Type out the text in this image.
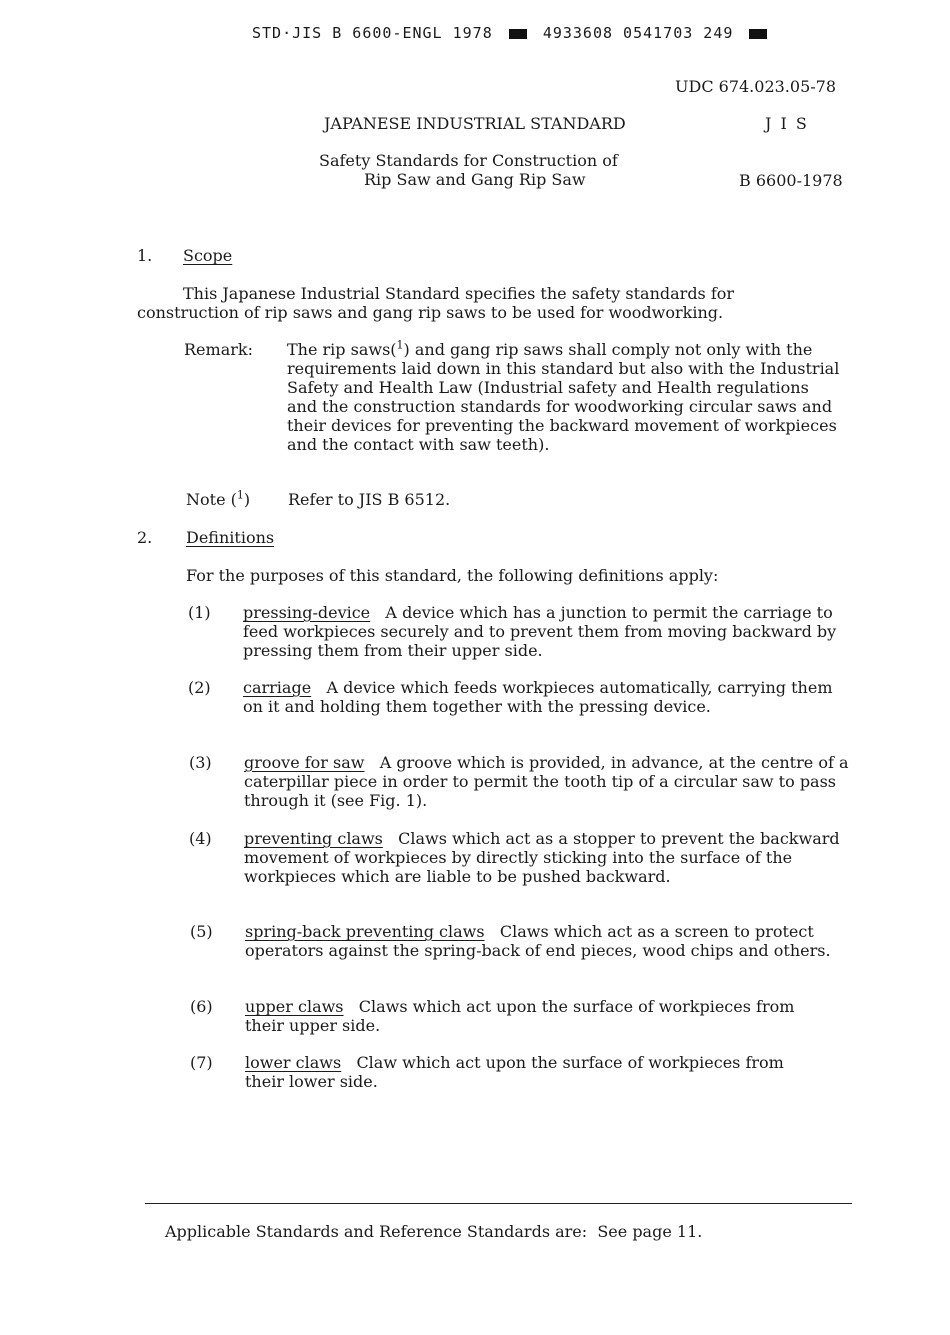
STD·JIS B 6600-ENGL 1978	4933608 0541703 249
UDC 674.023.05-78
JAPANESE INDUSTRIAL STANDARD	J I S
Safety Standards for Construction of
Rip Saw and Gang Rip Saw	B 6600-1978
1. Scope
This Japanese Industrial Standard specifies the safety standards for construction of rip saws and gang rip saws to be used for woodworking.
Remark: The rip saws($^1$) and gang rip saws shall comply not only with the requirements laid down in this standard but also with the Industrial Safety and Health Law (Industrial safety and Health regulations and the construction standards for woodworking circular saws and their devices for preventing the backward movement of workpieces and the contact with saw teeth).
Note ($^1$) Refer to JIS B 6512.
2. Definitions
For the purposes of this standard, the following definitions apply:
(1) pressing-device A device which has a junction to permit the carriage to feed workpieces securely and to prevent them from moving backward by pressing them from their upper side.
(2) carriage A device which feeds workpieces automatically, carrying them on it and holding them together with the pressing device.
(3) groove for saw A groove which is provided, in advance, at the centre of a caterpillar piece in order to permit the tooth tip of a circular saw to pass through it (see Fig. 1).
(4) preventing claws Claws which act as a stopper to prevent the backward movement of workpieces by directly sticking into the surface of the workpieces which are liable to be pushed backward.
(5) spring-back preventing claws Claws which act as a screen to protect operators against the spring-back of end pieces, wood chips and others.
(6) upper claws Claws which act upon the surface of workpieces from their upper side.
(7) lower claws Claw which act upon the surface of workpieces from their lower side.
Applicable Standards and Reference Standards are:  See page 11.
